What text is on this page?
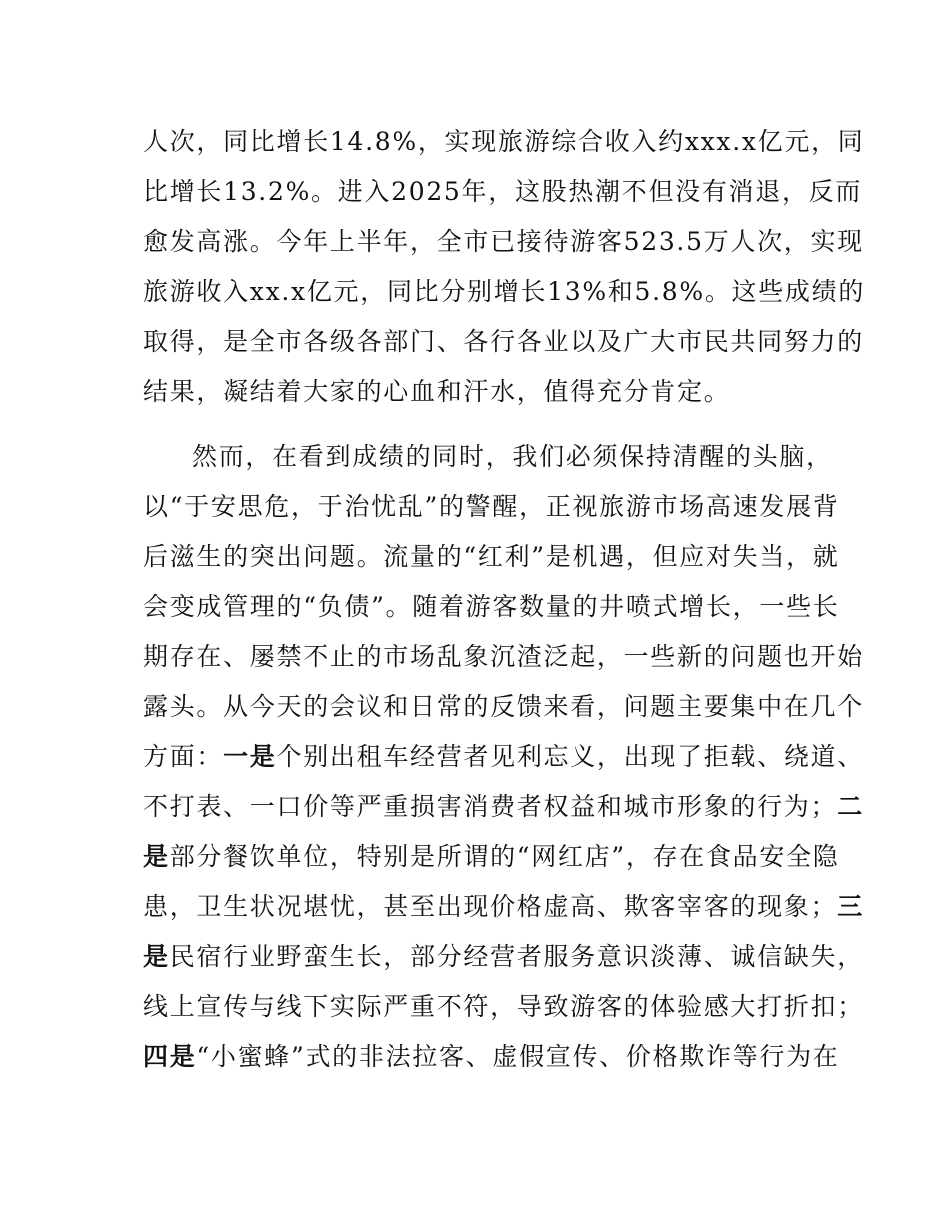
人次，同比增长14.8%，实现旅游综合收入约xxx.x亿元，同
比增长13.2%。进入2025年，这股热潮不但没有消退，反而
愈发高涨。今年上半年，全市已接待游客523.5万人次，实现
旅游收入xx.x亿元，同比分别增长13%和5.8%。这些成绩的
取得，是全市各级各部门、各行各业以及广大市民共同努力的
结果，凝结着大家的心血和汗水，值得充分肯定。
然而，在看到成绩的同时，我们必须保持清醒的头脑，
以“于安思危，于治忧乱”的警醒，正视旅游市场高速发展背
后滋生的突出问题。流量的“红利”是机遇，但应对失当，就
会变成管理的“负债”。随着游客数量的井喷式增长，一些长
期存在、屡禁不止的市场乱象沉渣泛起，一些新的问题也开始
露头。从今天的会议和日常的反馈来看，问题主要集中在几个
方面：一是个别出租车经营者见利忘义，出现了拒载、绕道、
不打表、一口价等严重损害消费者权益和城市形象的行为；二
是部分餐饮单位，特别是所谓的“网红店”，存在食品安全隐
患，卫生状况堪忧，甚至出现价格虚高、欺客宰客的现象；三
是民宿行业野蛮生长，部分经营者服务意识淡薄、诚信缺失，
线上宣传与线下实际严重不符，导致游客的体验感大打折扣；
四是“小蜜蜂”式的非法拉客、虚假宣传、价格欺诈等行为在
